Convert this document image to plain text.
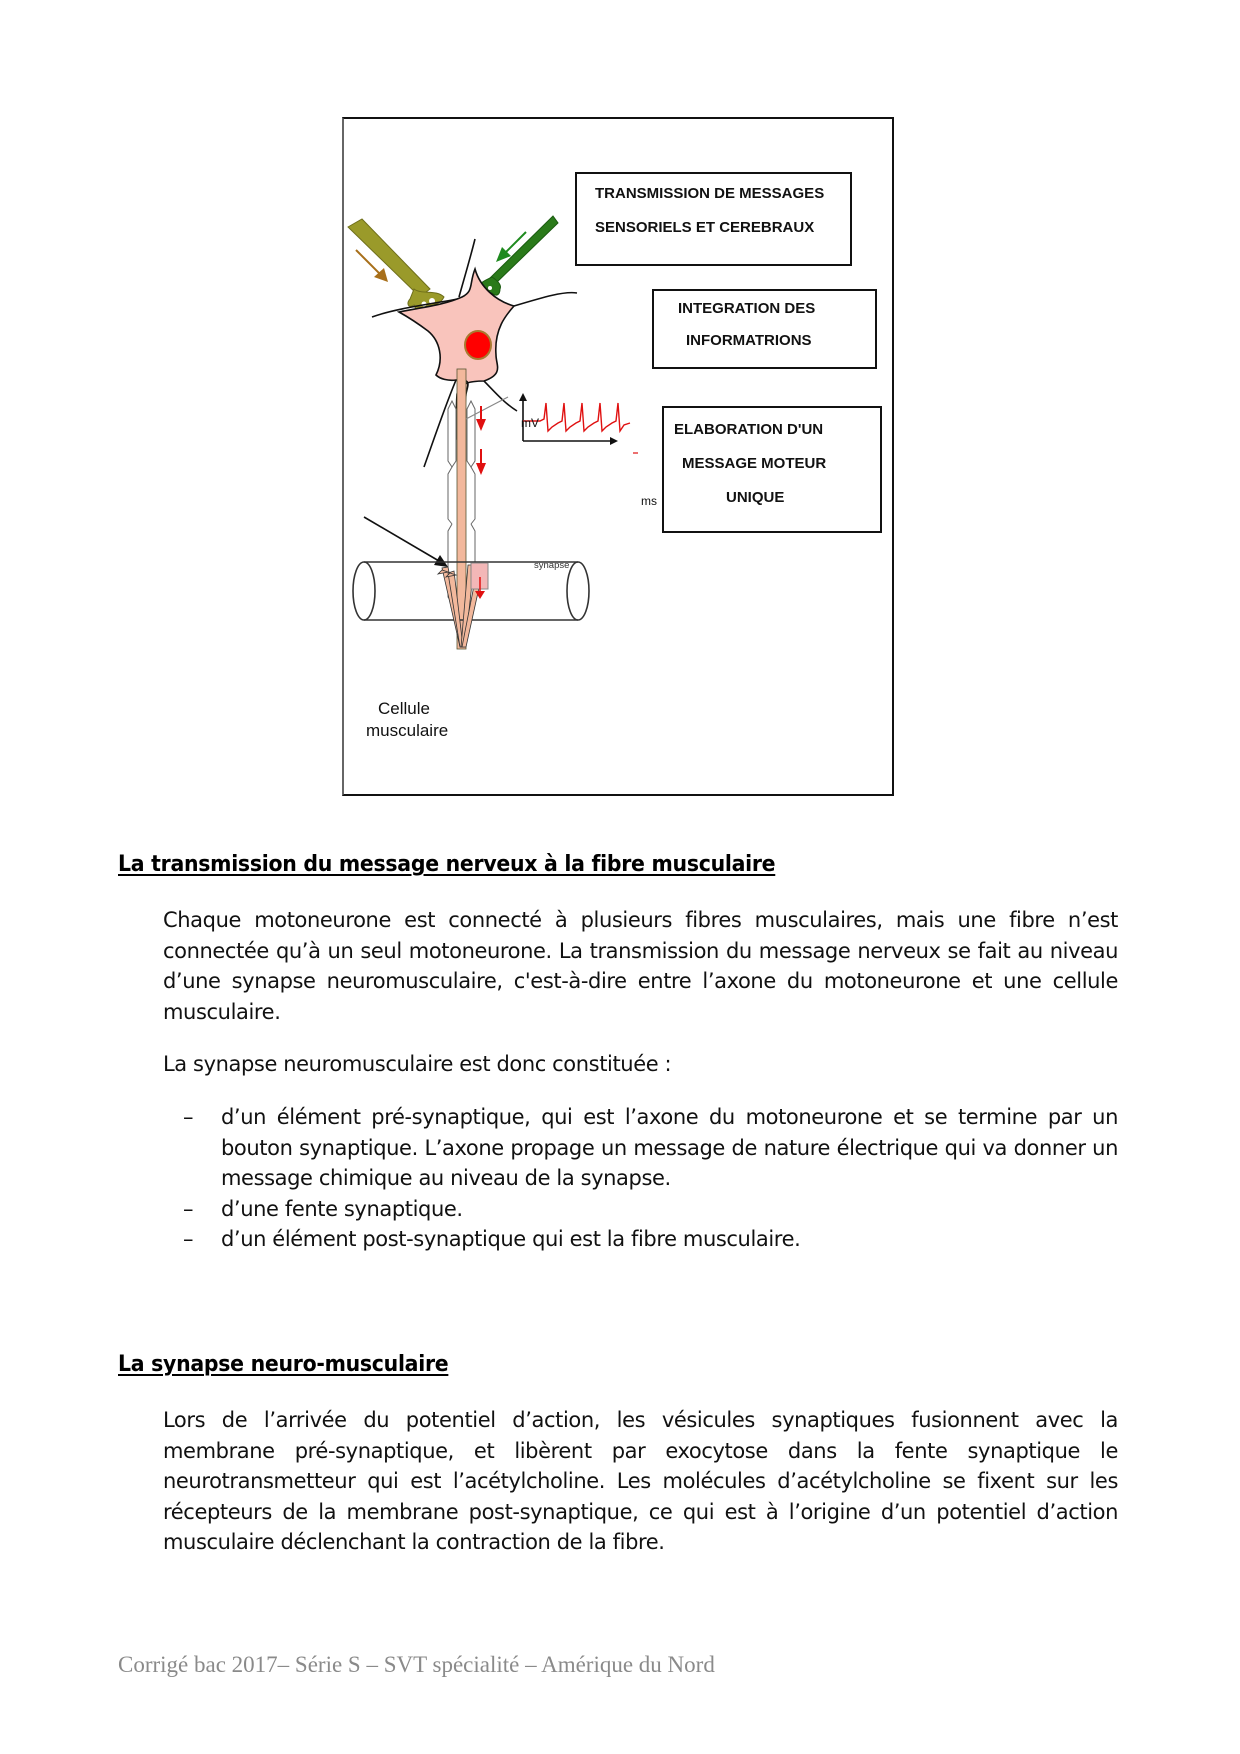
TRANSMISSION DE MESSAGES
SENSORIELS ET CEREBRAUX
INTEGRATION DES
INFORMATRIONS
ELABORATION D'UN
MESSAGE MOTEUR
UNIQUE
mV
ms
synapse
Cellule
musculaire
La transmission du message nerveux à la fibre musculaire

Chaque motoneurone est connecté à plusieurs fibres musculaires, mais une fibre n’est connectée qu’à un seul motoneurone. La transmission du message nerveux se fait au niveau d’une synapse neuromusculaire, c'est-à-dire entre l’axone du motoneurone et une cellule musculaire.

La synapse neuromusculaire est donc constituée :

– d’un élément pré-synaptique, qui est l’axone du motoneurone et se termine par un bouton synaptique. L’axone propage un message de nature électrique qui va donner un message chimique au niveau de la synapse.
– d’une fente synaptique.
– d’un élément post-synaptique qui est la fibre musculaire.
La synapse neuro-musculaire

Lors de l’arrivée du potentiel d’action, les vésicules synaptiques fusionnent avec la membrane pré-synaptique, et libèrent par exocytose dans la fente synaptique le neurotransmetteur qui est l’acétylcholine. Les molécules d’acétylcholine se fixent sur les récepteurs de la membrane post-synaptique, ce qui est à l’origine d’un potentiel d’action musculaire déclenchant la contraction de la fibre.

Corrigé bac 2017– Série S – SVT spécialité – Amérique du Nord
